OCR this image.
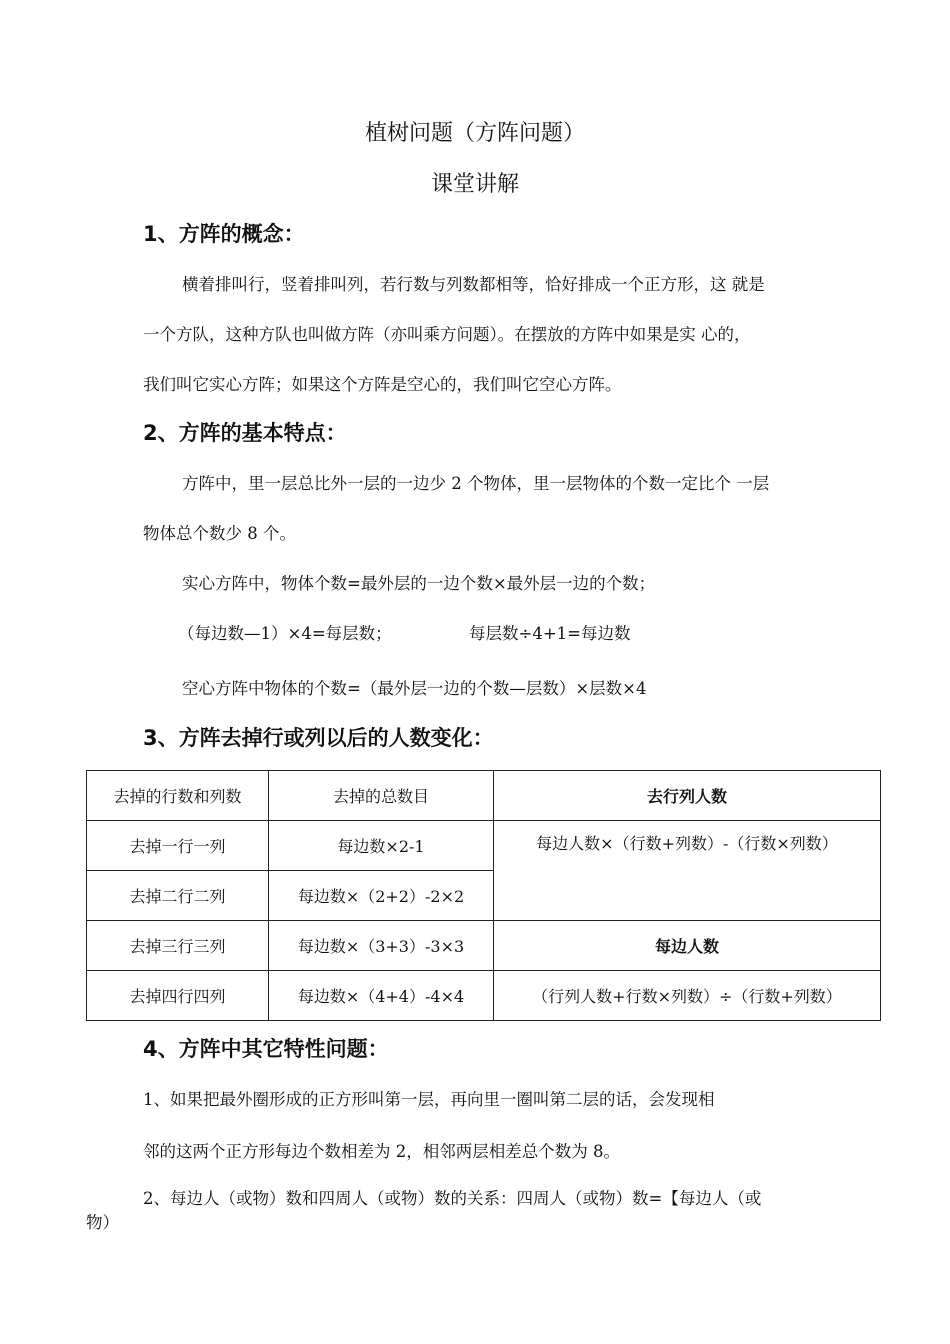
植树问题（方阵问题）
课堂讲解
1、方阵的概念：
横着排叫行，竖着排叫列，若行数与列数都相等，恰好排成一个正方形，这 就是
一个方队，这种方队也叫做方阵（亦叫乘方问题）。在摆放的方阵中如果是实 心的，
我们叫它实心方阵；如果这个方阵是空心的，我们叫它空心方阵。
2、方阵的基本特点：
方阵中，里一层总比外一层的一边少 2 个物体，里一层物体的个数一定比个 一层
物体总个数少 8 个。
实心方阵中，物体个数=最外层的一边个数×最外层一边的个数；
（每边数—1）×4=每层数；	每层数÷4+1=每边数
空心方阵中物体的个数=（最外层一边的个数—层数）×层数×4
3、方阵去掉行或列以后的人数变化：
去掉的行数和列数	去掉的总数目	去行列人数
去掉一行一列	每边数×2-1	每边人数×（行数+列数）-（行数×列数）
去掉二行二列	每边数×（2+2）-2×2	
去掉三行三列	每边数×（3+3）-3×3	每边人数
去掉四行四列	每边数×（4+4）-4×4	（行列人数+行数×列数）÷（行数+列数）
4、方阵中其它特性问题：
1、如果把最外圈形成的正方形叫第一层，再向里一圈叫第二层的话，会发现相
邻的这两个正方形每边个数相差为 2，相邻两层相差总个数为 8。
2、每边人（或物）数和四周人（或物）数的关系：四周人（或物）数=【每边人（或
物）
